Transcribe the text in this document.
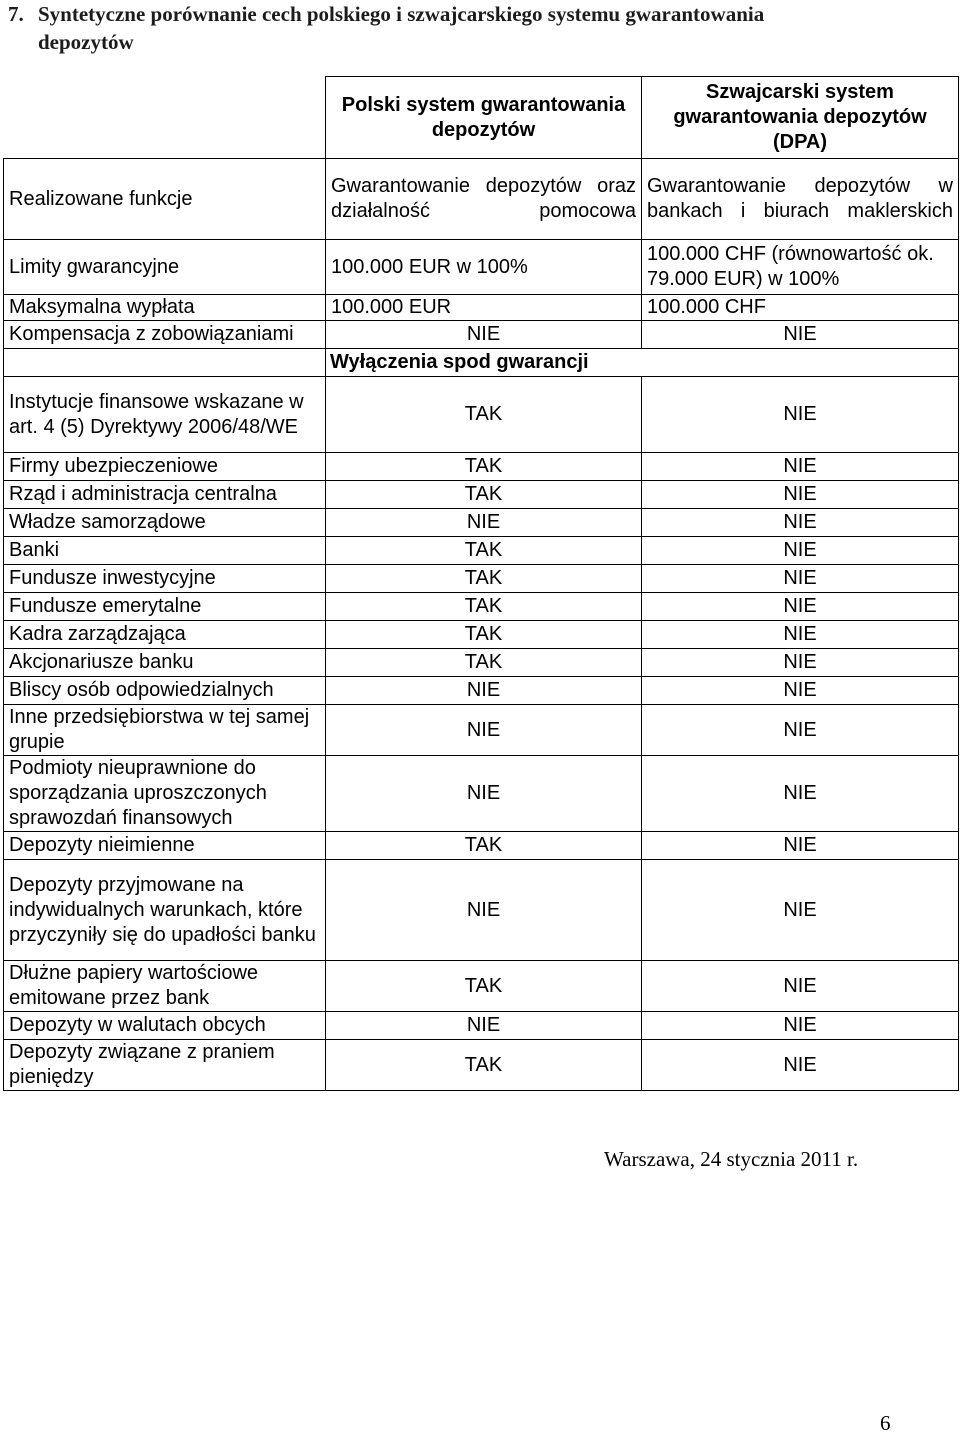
7. Syntetyczne porównanie cech polskiego i szwajcarskiego systemu gwarantowania
depozytów
	Polski system gwarantowania depozytów	Szwajcarski system gwarantowania depozytów (DPA)
Realizowane funkcje	Gwarantowanie depozytów oraz działalność pomocowa	Gwarantowanie depozytów w bankach i biurach maklerskich
Limity gwarancyjne	100.000 EUR w 100%	100.000 CHF (równowartość ok. 79.000 EUR) w 100%
Maksymalna wypłata	100.000 EUR	100.000 CHF
Kompensacja z zobowiązaniami	NIE	NIE
	Wyłączenia spod gwarancji	
Instytucje finansowe wskazane w art. 4 (5) Dyrektywy 2006/48/WE	TAK	NIE
Firmy ubezpieczeniowe	TAK	NIE
Rząd i administracja centralna	TAK	NIE
Władze samorządowe	NIE	NIE
Banki	TAK	NIE
Fundusze inwestycyjne	TAK	NIE
Fundusze emerytalne	TAK	NIE
Kadra zarządzająca	TAK	NIE
Akcjonariusze banku	TAK	NIE
Bliscy osób odpowiedzialnych	NIE	NIE
Inne przedsiębiorstwa w tej samej grupie	NIE	NIE
Podmioty nieuprawnione do sporządzania uproszczonych sprawozdań finansowych	NIE	NIE
Depozyty nieimienne	TAK	NIE
Depozyty przyjmowane na indywidualnych warunkach, które przyczyniły się do upadłości banku	NIE	NIE
Dłużne papiery wartościowe emitowane przez bank	TAK	NIE
Depozyty w walutach obcych	NIE	NIE
Depozyty związane z praniem pieniędzy	TAK	NIE
Warszawa, 24 stycznia 2011 r.
6
